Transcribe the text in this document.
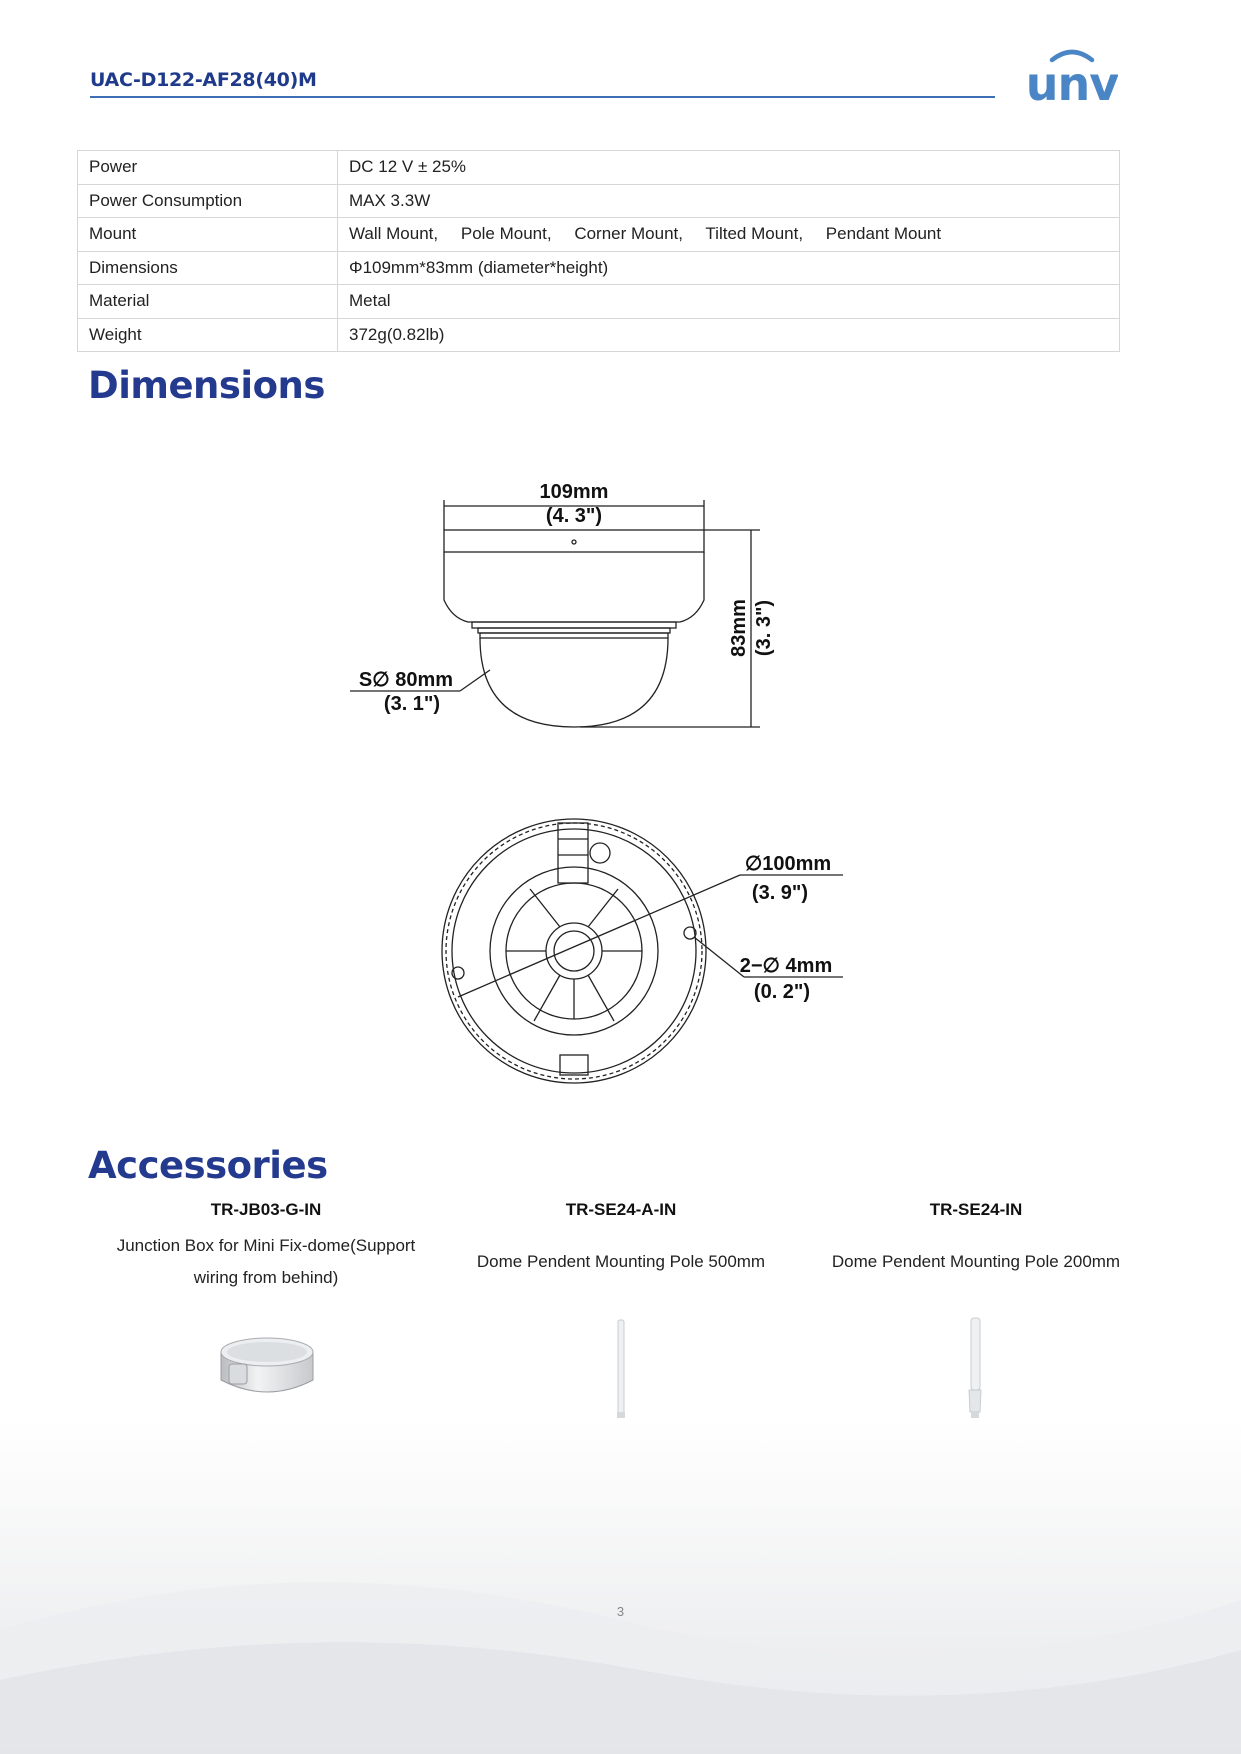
UAC-D122-AF28(40)M	unv
Power	DC 12 V ± 25%
Power Consumption	MAX 3.3W
Mount	Wall Mount, Pole Mount, Corner Mount, Tilted Mount, Pendant Mount
Dimensions	Φ109mm*83mm (diameter*height)
Material	Metal
Weight	372g(0.82lb)
Dimensions
109mm
(4. 3")
S∅ 80mm
(3. 1")
83mm (3. 3")
∅100mm
(3. 9")
2−∅ 4mm
(0. 2")
Accessories
TR-JB03-G-IN
Junction Box for Mini Fix-dome(Support
wiring from behind)
TR-SE24-A-IN
Dome Pendent Mounting Pole 500mm
TR-SE24-IN
Dome Pendent Mounting Pole 200mm
3
